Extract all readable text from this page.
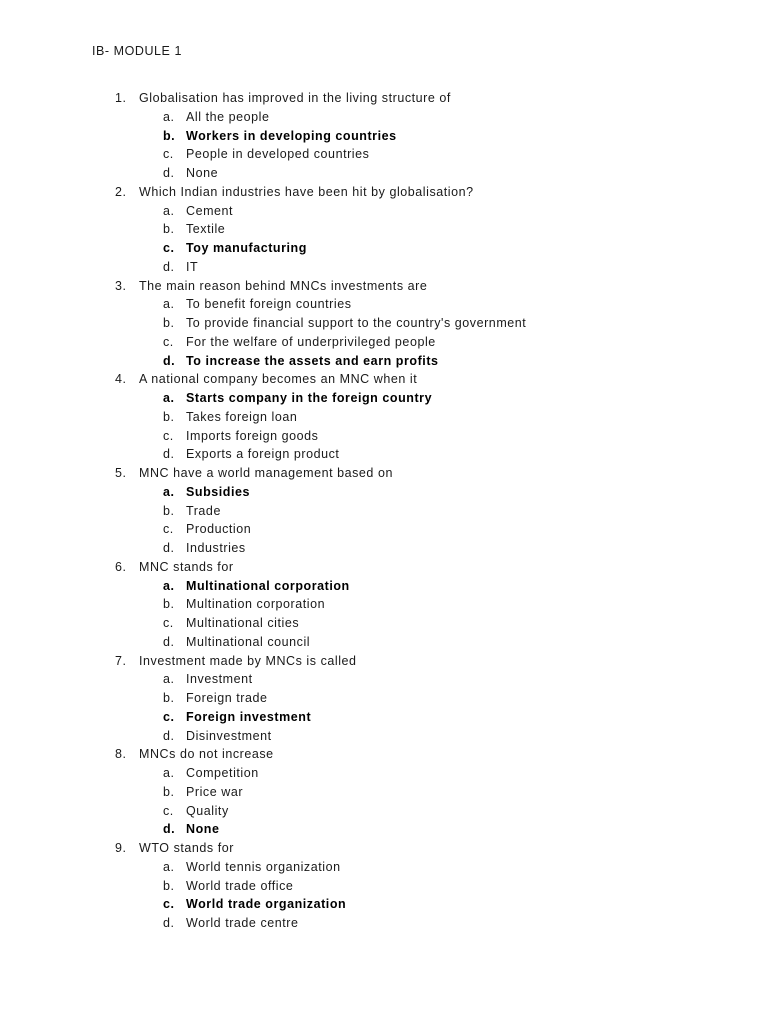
IB- MODULE 1
1. Globalisation has improved in the living structure of
a. All the people
b. Workers in developing countries
c. People in developed countries
d. None
2. Which Indian industries have been hit by globalisation?
a. Cement
b. Textile
c. Toy manufacturing
d. IT
3. The main reason behind MNCs investments are
a. To benefit foreign countries
b. To provide financial support to the country's government
c. For the welfare of underprivileged people
d. To increase the assets and earn profits
4. A national company becomes an MNC when it
a. Starts company in the foreign country
b. Takes foreign loan
c. Imports foreign goods
d. Exports a foreign product
5. MNC have a world management based on
a. Subsidies
b. Trade
c. Production
d. Industries
6. MNC stands for
a. Multinational corporation
b. Multination corporation
c. Multinational cities
d. Multinational council
7. Investment made by MNCs is called
a. Investment
b. Foreign trade
c. Foreign investment
d. Disinvestment
8. MNCs do not increase
a. Competition
b. Price war
c. Quality
d. None
9. WTO stands for
a. World tennis organization
b. World trade office
c. World trade organization
d. World trade centre
